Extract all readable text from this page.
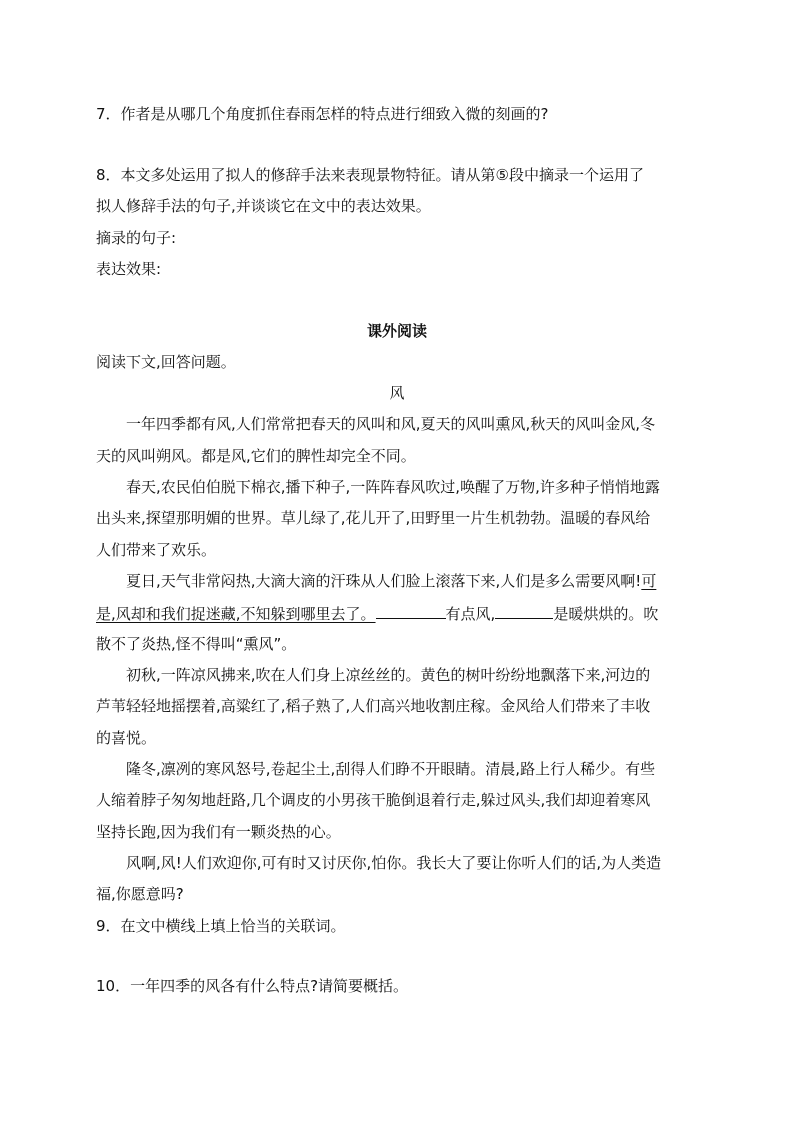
7．作者是从哪几个角度抓住春雨怎样的特点进行细致入微的刻画的?
8．本文多处运用了拟人的修辞手法来表现景物特征。请从第⑤段中摘录一个运用了
拟人修辞手法的句子,并谈谈它在文中的表达效果。
摘录的句子:
表达效果:
课外阅读
阅读下文,回答问题。
风
一年四季都有风,人们常常把春天的风叫和风,夏天的风叫熏风,秋天的风叫金风,冬
天的风叫朔风。都是风,它们的脾性却完全不同。
春天,农民伯伯脱下棉衣,播下种子,一阵阵春风吹过,唤醒了万物,许多种子悄悄地露
出头来,探望那明媚的世界。草儿绿了,花儿开了,田野里一片生机勃勃。温暖的春风给
人们带来了欢乐。
夏日,天气非常闷热,大滴大滴的汗珠从人们脸上滚落下来,人们是多么需要风啊!可
是,风却和我们捉迷藏,不知躲到哪里去了。	有点风,	是暖烘烘的。吹
散不了炎热,怪不得叫“熏风”。
初秋,一阵凉风拂来,吹在人们身上凉丝丝的。黄色的树叶纷纷地飘落下来,河边的
芦苇轻轻地摇摆着,高粱红了,稻子熟了,人们高兴地收割庄稼。金风给人们带来了丰收
的喜悦。
隆冬,凛冽的寒风怒号,卷起尘土,刮得人们睁不开眼睛。清晨,路上行人稀少。有些
人缩着脖子匆匆地赶路,几个调皮的小男孩干脆倒退着行走,躲过风头,我们却迎着寒风
坚持长跑,因为我们有一颗炎热的心。
风啊,风!人们欢迎你,可有时又讨厌你,怕你。我长大了要让你听人们的话,为人类造
福,你愿意吗?
9．在文中横线上填上恰当的关联词。
10．一年四季的风各有什么特点?请简要概括。
